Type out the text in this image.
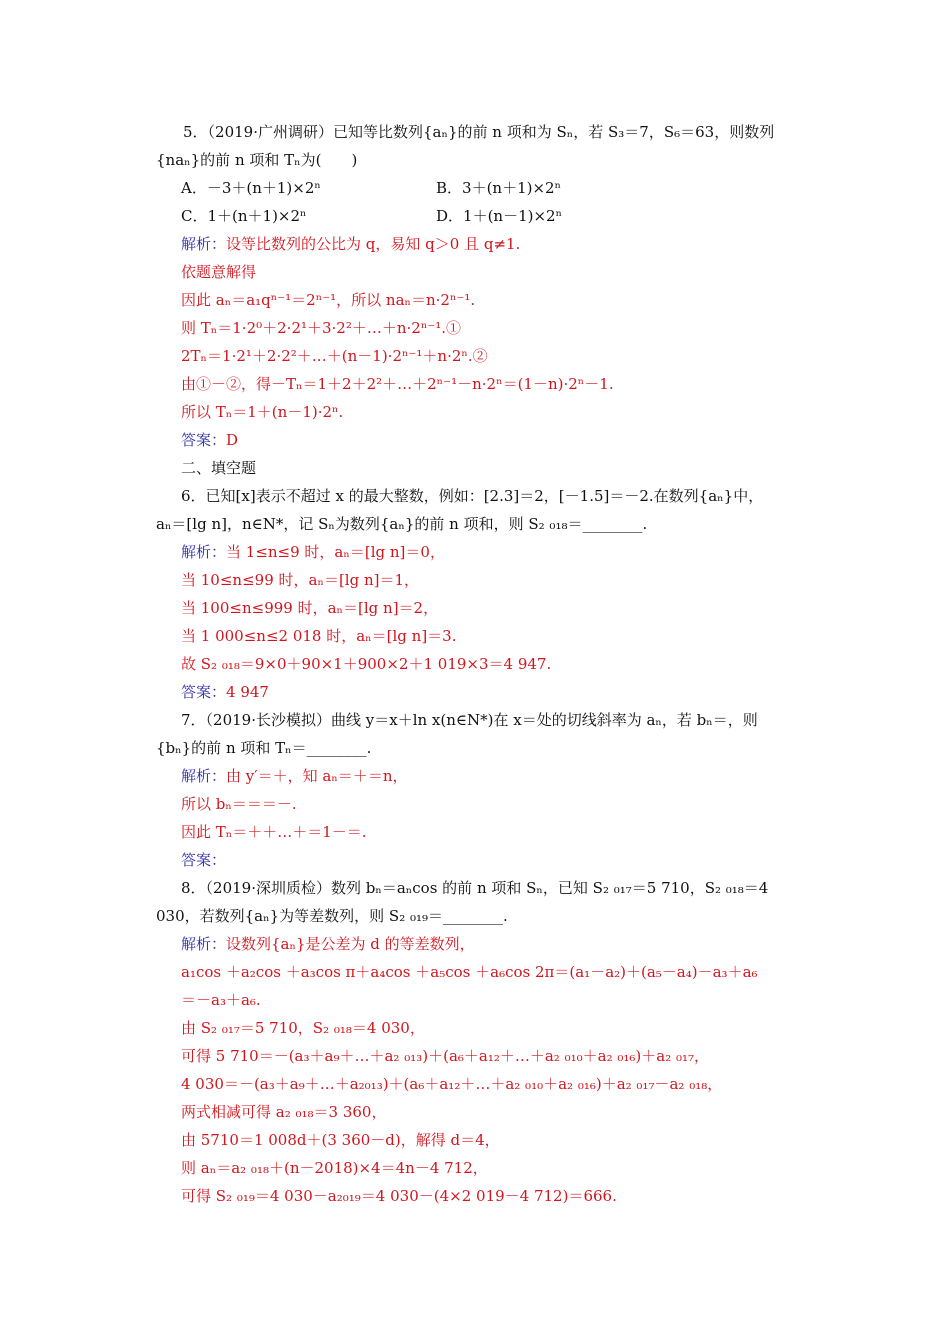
5．（2019·广州调研）已知等比数列{aₙ}的前 n 项和为 Sₙ，若 S₃＝7，S₆＝63，则数列
{naₙ}的前 n 项和 Tₙ为(　　)
A．－3＋(n＋1)×2ⁿ	B．3＋(n＋1)×2ⁿ
C．1＋(n＋1)×2ⁿ	D．1＋(n－1)×2ⁿ
解析：设等比数列的公比为 q，易知 q＞0 且 q≠1.
依题意解得
因此 aₙ＝a₁qⁿ⁻¹＝2ⁿ⁻¹，所以 naₙ＝n·2ⁿ⁻¹.
则 Tₙ＝1·2⁰＋2·2¹＋3·2²＋…＋n·2ⁿ⁻¹.①
2Tₙ＝1·2¹＋2·2²＋…＋(n－1)·2ⁿ⁻¹＋n·2ⁿ.②
由①－②，得－Tₙ＝1＋2＋2²＋…＋2ⁿ⁻¹－n·2ⁿ＝(1－n)·2ⁿ－1.
所以 Tₙ＝1＋(n－1)·2ⁿ.
答案：D
二、填空题
6．已知[x]表示不超过 x 的最大整数，例如：[2.3]＝2，[－1.5]＝－2.在数列{aₙ}中，
aₙ＝[lg n]，n∈N*，记 Sₙ为数列{aₙ}的前 n 项和，则 S₂ ₀₁₈＝________.
解析：当 1≤n≤9 时，aₙ＝[lg n]＝0，
当 10≤n≤99 时，aₙ＝[lg n]＝1，
当 100≤n≤999 时，aₙ＝[lg n]＝2，
当 1 000≤n≤2 018 时，aₙ＝[lg n]＝3.
故 S₂ ₀₁₈＝9×0＋90×1＋900×2＋1 019×3＝4 947.
答案：4 947
7．（2019·长沙模拟）曲线 y＝x＋ln x(n∈N*)在 x＝处的切线斜率为 aₙ，若 bₙ＝，则
{bₙ}的前 n 项和 Tₙ＝________.
解析：由 y′＝＋，知 aₙ＝＋＝n，
所以 bₙ＝＝＝－.
因此 Tₙ＝＋＋…＋＝1－＝.
答案：
8．（2019·深圳质检）数列 bₙ＝aₙcos 的前 n 项和 Sₙ，已知 S₂ ₀₁₇＝5 710，S₂ ₀₁₈＝4
030，若数列{aₙ}为等差数列，则 S₂ ₀₁₉＝________.
解析：设数列{aₙ}是公差为 d 的等差数列，
a₁cos ＋a₂cos ＋a₃cos π＋a₄cos ＋a₅cos ＋a₆cos 2π＝(a₁－a₂)＋(a₅－a₄)－a₃＋a₆
＝－a₃＋a₆.
由 S₂ ₀₁₇＝5 710，S₂ ₀₁₈＝4 030，
可得 5 710＝－(a₃＋a₉＋…＋a₂ ₀₁₃)＋(a₆＋a₁₂＋…＋a₂ ₀₁₀＋a₂ ₀₁₆)＋a₂ ₀₁₇，
4 030＝－(a₃＋a₉＋…＋a₂₀₁₃)＋(a₆＋a₁₂＋…＋a₂ ₀₁₀＋a₂ ₀₁₆)＋a₂ ₀₁₇－a₂ ₀₁₈，
两式相减可得 a₂ ₀₁₈＝3 360，
由 5710＝1 008d＋(3 360－d)，解得 d＝4，
则 aₙ＝a₂ ₀₁₈＋(n－2018)×4＝4n－4 712，
可得 S₂ ₀₁₉＝4 030－a₂₀₁₉＝4 030－(4×2 019－4 712)＝666.
